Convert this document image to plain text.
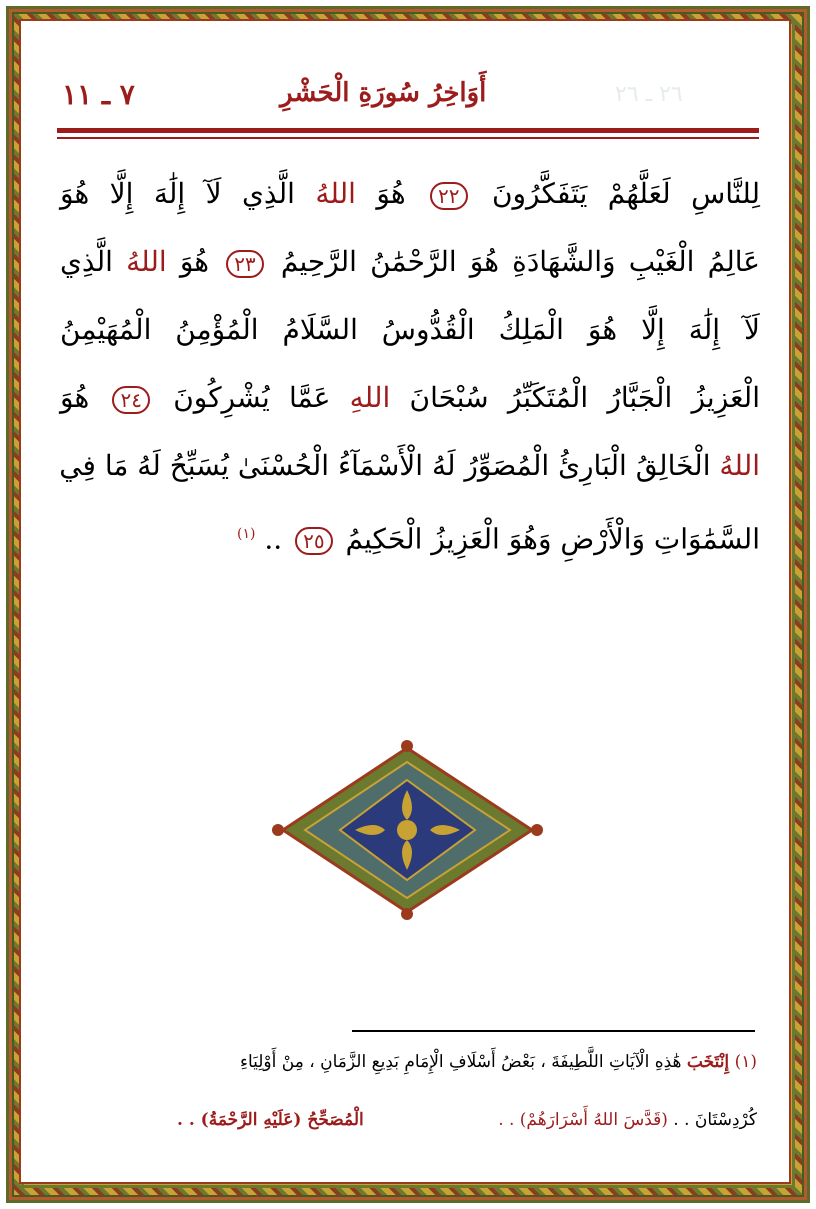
٢٦ ـ ٢٦
أَوَاخِرُ سُورَةِ الْحَشْرِ
٧ ـ ١١
لِلنَّاسِ لَعَلَّهُمْ يَتَفَكَّرُونَ ٢٢ هُوَ اللهُ الَّذِي لَآ إِلَٰهَ إِلَّا هُوَ
عَالِمُ الْغَيْبِ وَالشَّهَادَةِ هُوَ الرَّحْمَٰنُ الرَّحِيمُ ٢٣ هُوَ اللهُ الَّذِي
لَآ إِلَٰهَ إِلَّا هُوَ الْمَلِكُ الْقُدُّوسُ السَّلَامُ الْمُؤْمِنُ الْمُهَيْمِنُ
الْعَزِيزُ الْجَبَّارُ الْمُتَكَبِّرُ سُبْحَانَ اللهِ عَمَّا يُشْرِكُونَ ٢٤ هُوَ
اللهُ الْخَالِقُ الْبَارِئُ الْمُصَوِّرُ لَهُ الْأَسْمَآءُ الْحُسْنَىٰ يُسَبِّحُ لَهُ مَا فِي
السَّمَٰوَاتِ وَالْأَرْضِ وَهُوَ الْعَزِيزُ الْحَكِيمُ ٢٥ .. $^{(١)}$
(١) إِنْتَخَبَ هَٰذِهِ الْآيَاتِ اللَّطِيفَةَ ، بَعْضُ أَسْلَافِ الْإِمَامِ بَدِيعِ الزَّمَانِ ، مِنْ أَوْلِيَاءِ
كُرْدِسْتَانَ . . (قَدَّسَ اللهُ أَسْرَارَهُمْ) . .
الْمُصَحِّحُ (عَلَيْهِ الرَّحْمَةُ) . .
